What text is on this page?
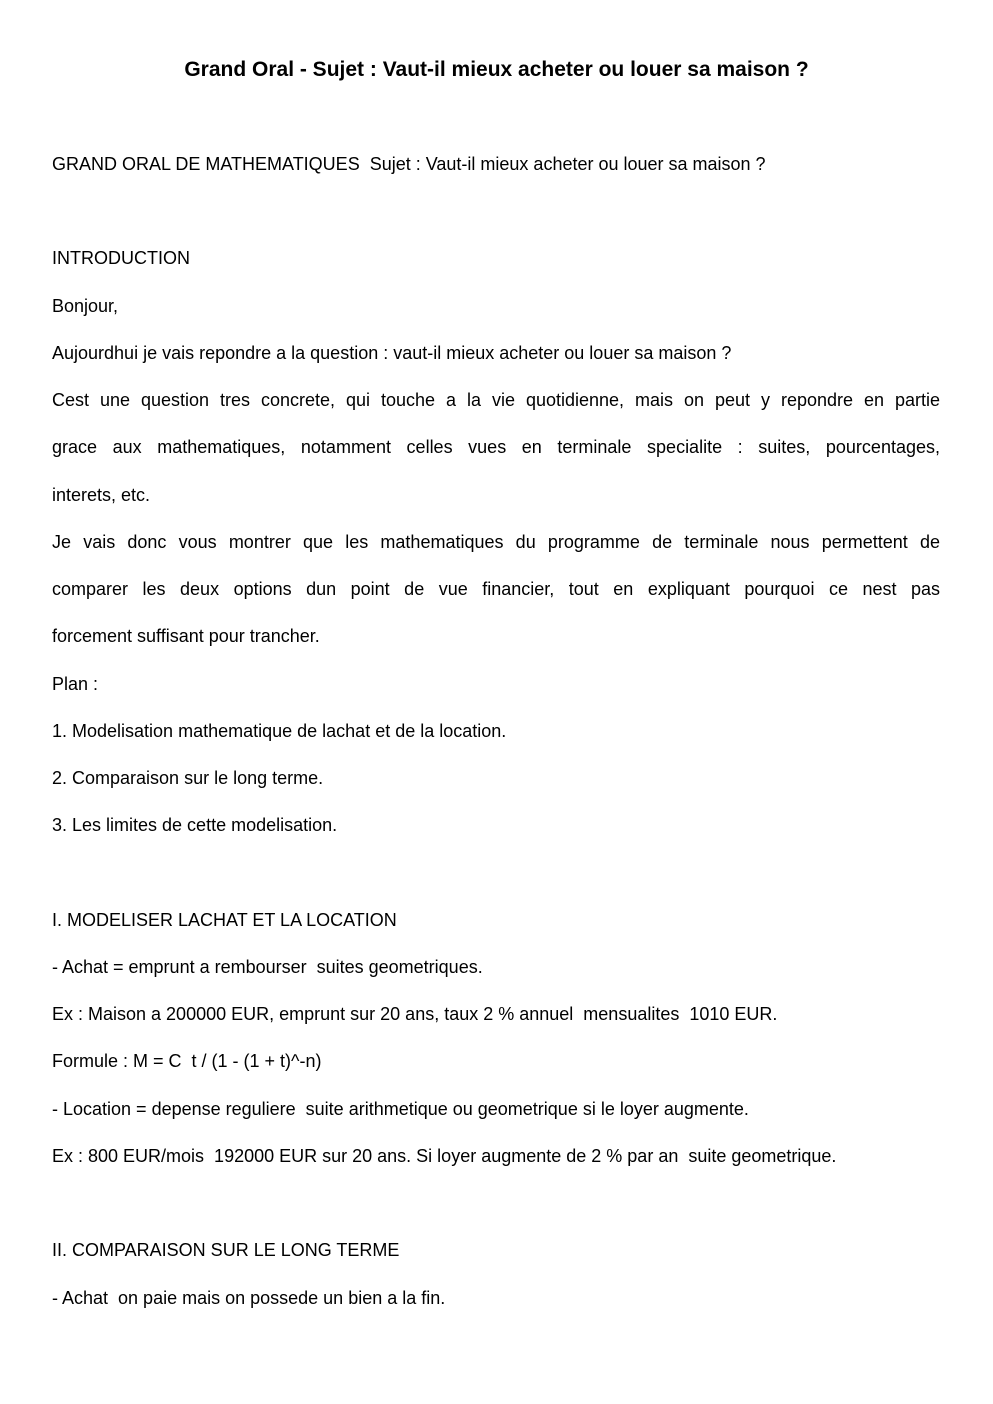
Grand Oral - Sujet : Vaut-il mieux acheter ou louer sa maison ?
GRAND ORAL DE MATHEMATIQUES  Sujet : Vaut-il mieux acheter ou louer sa maison ?
INTRODUCTION
Bonjour,
Aujourdhui je vais repondre a la question : vaut-il mieux acheter ou louer sa maison ?
Cest une question tres concrete, qui touche a la vie quotidienne, mais on peut y repondre en partie
grace aux mathematiques, notamment celles vues en terminale specialite : suites, pourcentages,
interets, etc.
Je vais donc vous montrer que les mathematiques du programme de terminale nous permettent de
comparer les deux options dun point de vue financier, tout en expliquant pourquoi ce nest pas
forcement suffisant pour trancher.
Plan :
1. Modelisation mathematique de lachat et de la location.
2. Comparaison sur le long terme.
3. Les limites de cette modelisation.
I. MODELISER LACHAT ET LA LOCATION
- Achat = emprunt a rembourser  suites geometriques.
Ex : Maison a 200000 EUR, emprunt sur 20 ans, taux 2 % annuel  mensualites  1010 EUR.
Formule : M = C  t / (1 - (1 + t)^-n)
- Location = depense reguliere  suite arithmetique ou geometrique si le loyer augmente.
Ex : 800 EUR/mois  192000 EUR sur 20 ans. Si loyer augmente de 2 % par an  suite geometrique.
II. COMPARAISON SUR LE LONG TERME
- Achat  on paie mais on possede un bien a la fin.
